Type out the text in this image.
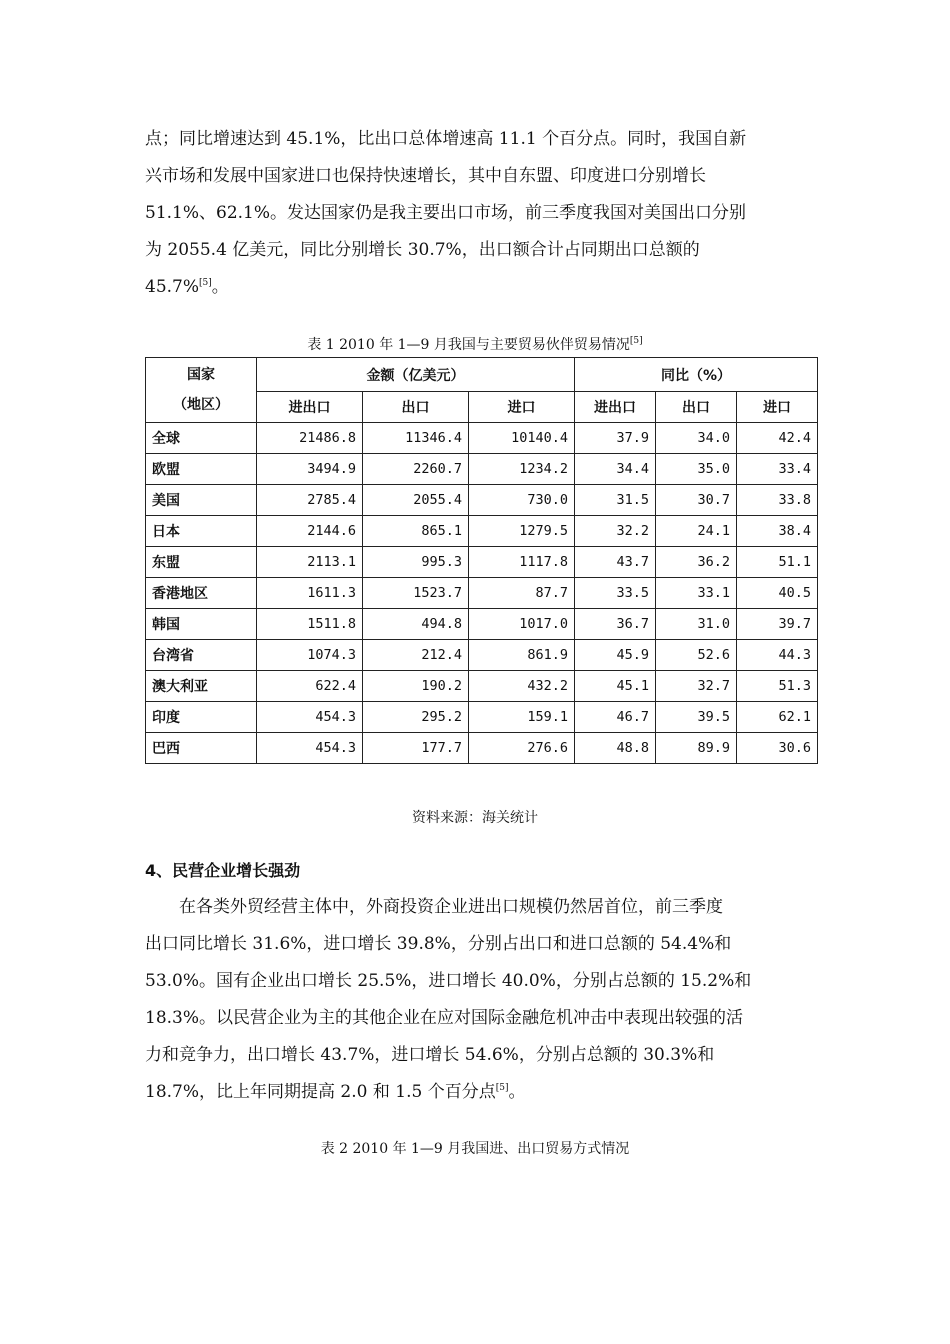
点；同比增速达到 45.1%，比出口总体增速高 11.1 个百分点。同时，我国自新
兴市场和发展中国家进口也保持快速增长，其中自东盟、印度进口分别增长
51.1%、62.1%。发达国家仍是我主要出口市场，前三季度我国对美国出口分别
为 2055.4 亿美元，同比分别增长 30.7%，出口额合计占同期出口总额的
45.7%[5]。

表 1 2010 年 1—9 月我国与主要贸易伙伴贸易情况[5]

国家
（地区）	金额（亿美元）			同比（%）		
	进出口	出口	进口	进出口	出口	进口
全球	21486.8	11346.4	10140.4	37.9	34.0	42.4
欧盟	3494.9	2260.7	1234.2	34.4	35.0	33.4
美国	2785.4	2055.4	730.0	31.5	30.7	33.8
日本	2144.6	865.1	1279.5	32.2	24.1	38.4
东盟	2113.1	995.3	1117.8	43.7	36.2	51.1
香港地区	1611.3	1523.7	87.7	33.5	33.1	40.5
韩国	1511.8	494.8	1017.0	36.7	31.0	39.7
台湾省	1074.3	212.4	861.9	45.9	52.6	44.3
澳大利亚	622.4	190.2	432.2	45.1	32.7	51.3
印度	454.3	295.2	159.1	46.7	39.5	62.1
巴西	454.3	177.7	276.6	48.8	89.9	30.6

资料来源：海关统计

4、民营企业增长强劲
在各类外贸经营主体中，外商投资企业进出口规模仍然居首位，前三季度
出口同比增长 31.6%，进口增长 39.8%，分别占出口和进口总额的 54.4%和
53.0%。国有企业出口增长 25.5%，进口增长 40.0%，分别占总额的 15.2%和
18.3%。以民营企业为主的其他企业在应对国际金融危机冲击中表现出较强的活
力和竞争力，出口增长 43.7%，进口增长 54.6%，分别占总额的 30.3%和
18.7%，比上年同期提高 2.0 和 1.5 个百分点[5]。

表 2 2010 年 1—9 月我国进、出口贸易方式情况
